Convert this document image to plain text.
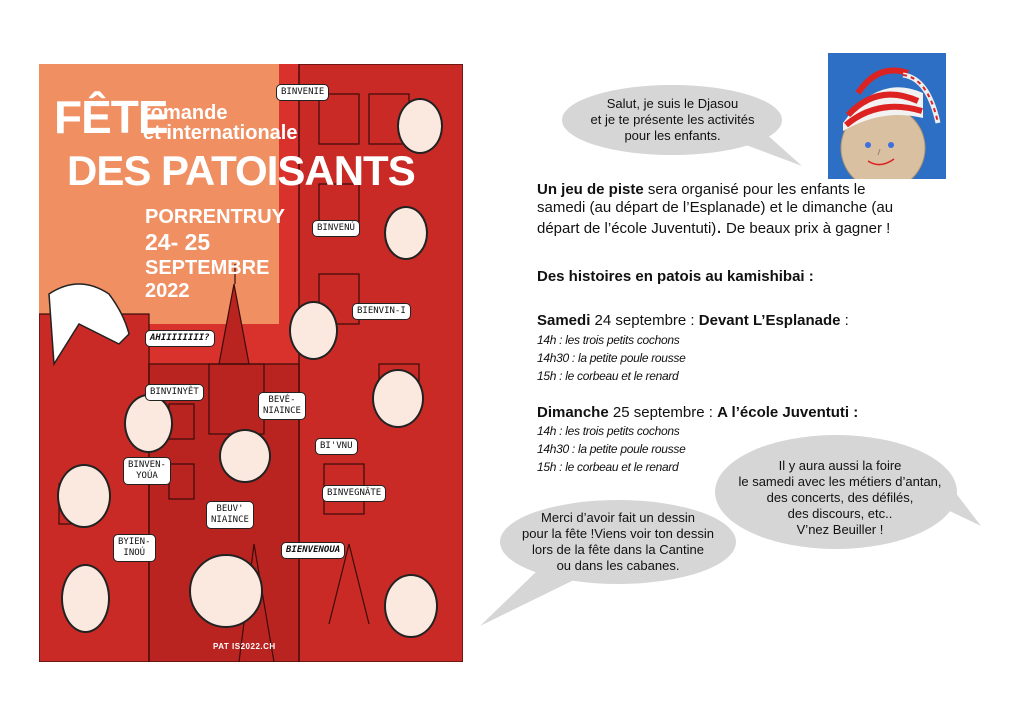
FÊTE
romande
et internationale
DES PATOISANTS
PORRENTRUY
24- 25
SEPTEMBRE
2022
BINVENIE
BINVENÚ
BIENVIN-I
AHIIIIIIII?
BINVINYÊT
BEVÉ-
NIAINCE
BI'VNU
BINVEN-
YOÚA
BINVEGNÂTE
BEUV'
NIAINCE
BYIEN-
INOÚ	BIENVENOUA
PAT IS2022.CH
Salut, je suis le Djasou
et je te présente les activités
pour les enfants.
Un jeu de piste sera organisé pour les enfants le
samedi (au départ de l’Esplanade) et le dimanche (au
départ de l’école Juventuti). De beaux prix à gagner !
Des histoires en patois au kamishibai :
Samedi 24 septembre : Devant L’Esplanade :
14h : les trois petits cochons
14h30 : la petite poule rousse
15h : le corbeau et le renard
Dimanche 25 septembre : A l’école Juventuti :
14h : les trois petits cochons
14h30 : la petite poule rousse
15h : le corbeau et le renard	Il y aura aussi la foire
le samedi avec les métiers d’antan,
des concerts, des défilés,
des discours, etc..
V’nez Beuiller !
Merci d’avoir fait un dessin
pour la fête !Viens voir ton dessin
lors de la fête dans la Cantine
ou dans les cabanes.
